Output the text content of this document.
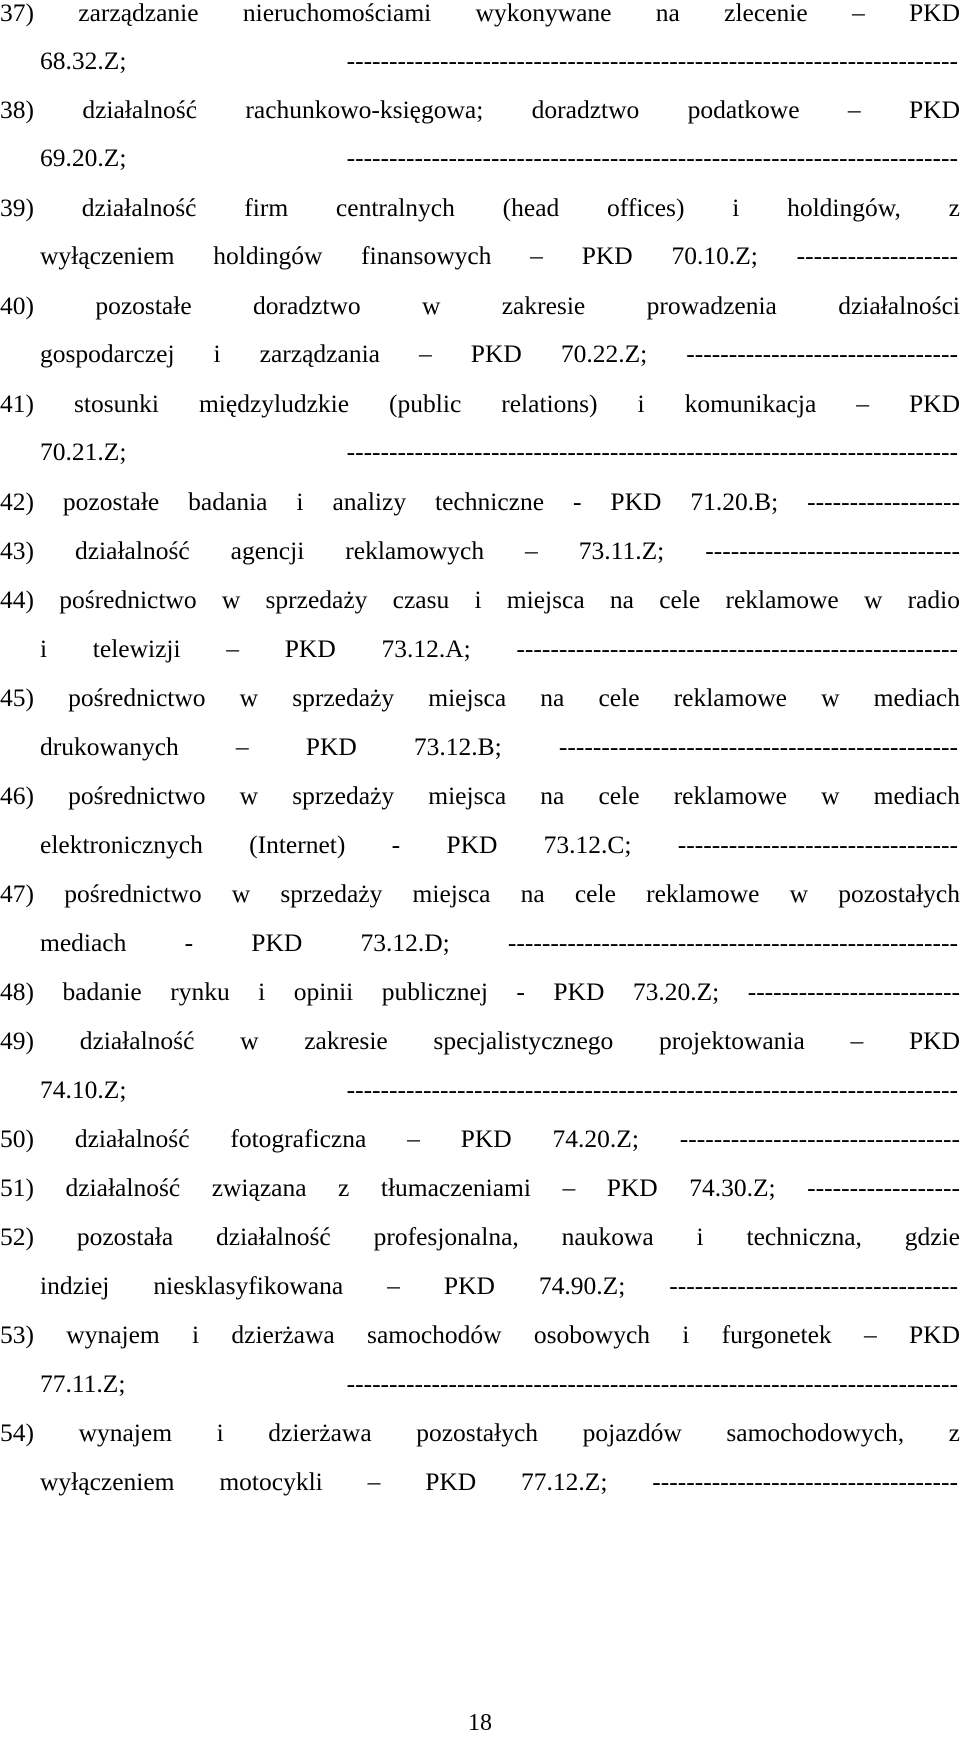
37) zarządzanie nieruchomościami wykonywane na zlecenie – PKD
68.32.Z; ------------------------------------------------------------------------
38) działalność rachunkowo-księgowa; doradztwo podatkowe – PKD
69.20.Z; ------------------------------------------------------------------------
39) działalność firm centralnych (head offices) i holdingów, z
wyłączeniem holdingów finansowych – PKD 70.10.Z; -------------------
40) pozostałe doradztwo w zakresie prowadzenia działalności
gospodarczej i zarządzania – PKD 70.22.Z; --------------------------------
41) stosunki międzyludzkie (public relations) i komunikacja – PKD
70.21.Z; ------------------------------------------------------------------------
42) pozostałe badania i analizy techniczne - PKD 71.20.B; ------------------
43) działalność agencji reklamowych – 73.11.Z; ------------------------------
44) pośrednictwo w sprzedaży czasu i miejsca na cele reklamowe w radio
i telewizji – PKD 73.12.A; ----------------------------------------------------
45) pośrednictwo w sprzedaży miejsca na cele reklamowe w mediach
drukowanych – PKD 73.12.B; -----------------------------------------------
46) pośrednictwo w sprzedaży miejsca na cele reklamowe w mediach
elektronicznych (Internet) - PKD 73.12.C; ---------------------------------
47) pośrednictwo w sprzedaży miejsca na cele reklamowe w pozostałych
mediach - PKD 73.12.D; -----------------------------------------------------
48) badanie rynku i opinii publicznej - PKD 73.20.Z; -------------------------
49) działalność w zakresie specjalistycznego projektowania – PKD
74.10.Z; ------------------------------------------------------------------------
50) działalność fotograficzna – PKD 74.20.Z; ---------------------------------
51) działalność związana z tłumaczeniami – PKD 74.30.Z; ------------------
52) pozostała działalność profesjonalna, naukowa i techniczna, gdzie
indziej niesklasyfikowana – PKD 74.90.Z; ----------------------------------
53) wynajem i dzierżawa samochodów osobowych i furgonetek – PKD
77.11.Z; ------------------------------------------------------------------------
54) wynajem i dzierżawa pozostałych pojazdów samochodowych, z
wyłączeniem motocykli – PKD 77.12.Z; ------------------------------------
18
